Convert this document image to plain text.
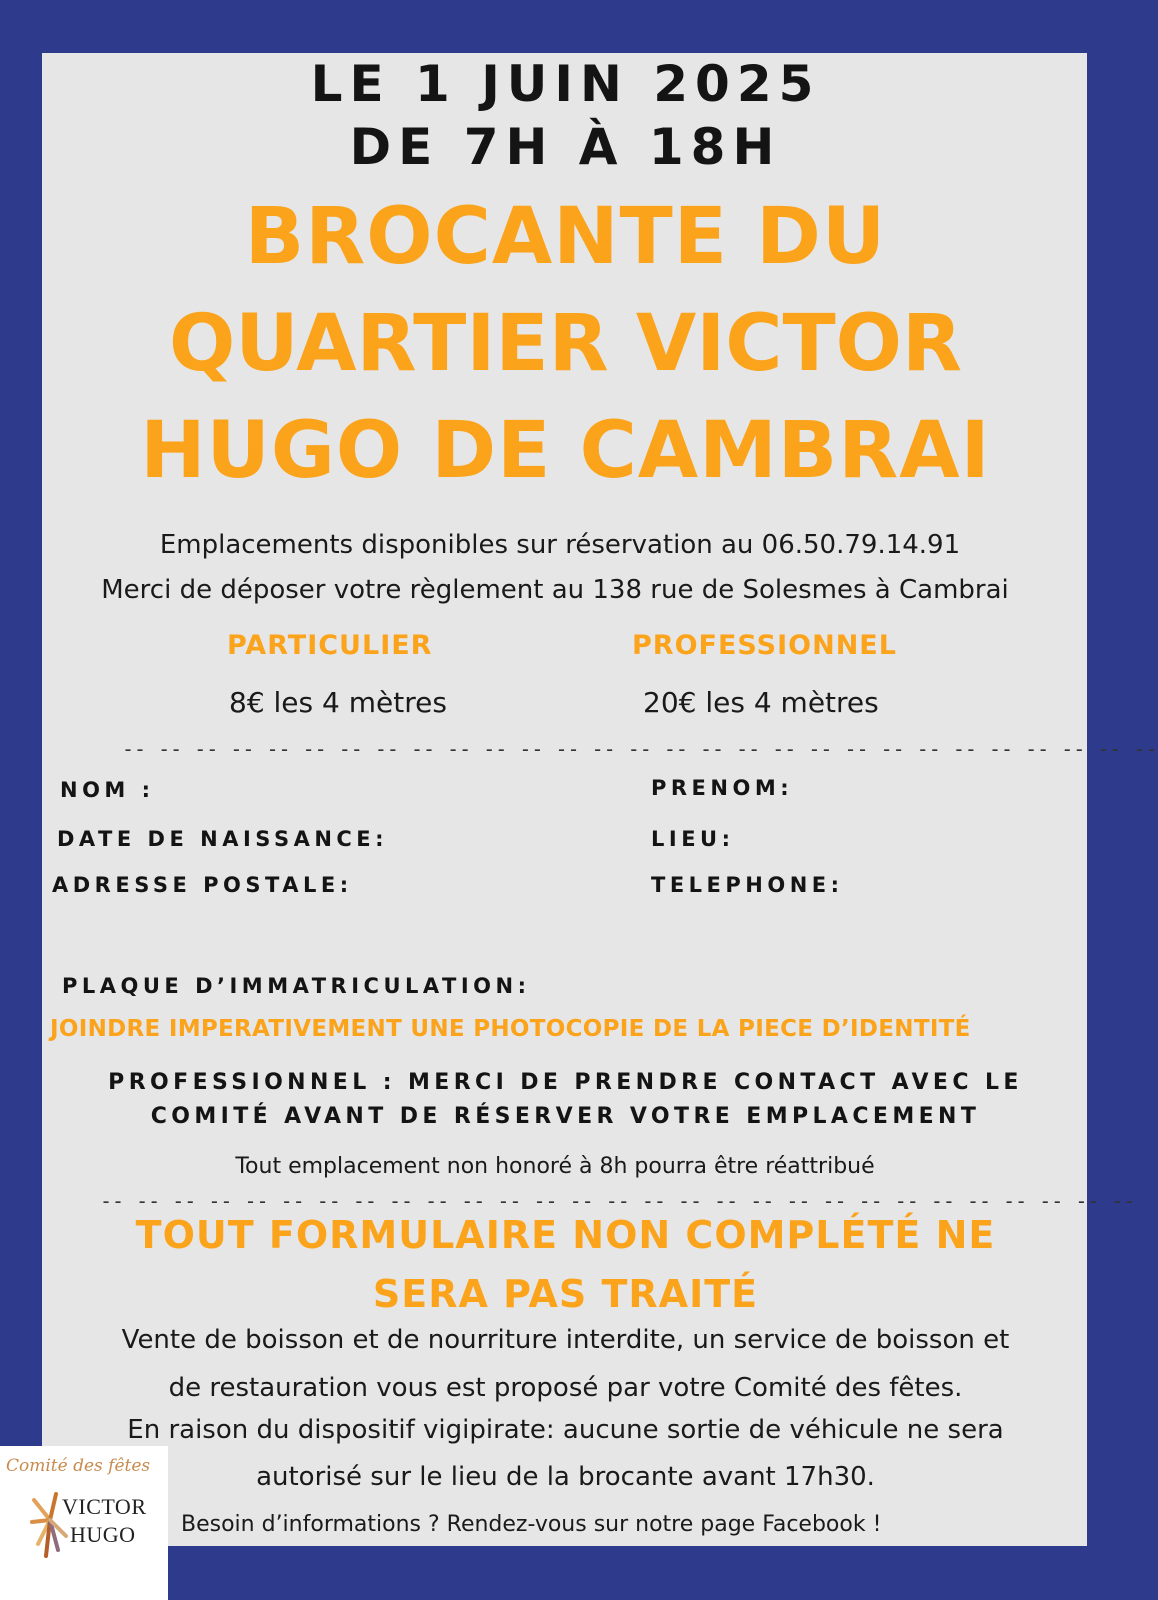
LE 1 JUIN 2025
DE 7H À 18H
BROCANTE DU
QUARTIER VICTOR
HUGO DE CAMBRAI
Emplacements disponibles sur réservation au 06.50.79.14.91
Merci de déposer votre règlement au 138 rue de Solesmes à Cambrai
PARTICULIER	PROFESSIONNEL
8€ les 4 mètres	20€ les 4 mètres
-- -- -- -- -- -- -- -- -- -- -- -- -- -- -- -- -- -- -- -- -- -- -- -- -- -- -- -- --
NOM :	PRENOM:
DATE DE NAISSANCE:	LIEU:
ADRESSE POSTALE:	TELEPHONE:
PLAQUE D’IMMATRICULATION:
JOINDRE IMPERATIVEMENT UNE PHOTOCOPIE DE LA PIECE D’IDENTITÉ
PROFESSIONNEL : MERCI DE PRENDRE CONTACT AVEC LE
COMITÉ AVANT DE RÉSERVER VOTRE EMPLACEMENT
Tout emplacement non honoré à 8h pourra être réattribué
-- -- -- -- -- -- -- -- -- -- -- -- -- -- -- -- -- -- -- -- -- -- -- -- -- -- -- -- --
TOUT FORMULAIRE NON COMPLÉTÉ NE
SERA PAS TRAITÉ
Vente de boisson et de nourriture interdite, un service de boisson et
de restauration vous est proposé par votre Comité des fêtes.
En raison du dispositif vigipirate: aucune sortie de véhicule ne sera
autorisé sur le lieu de la brocante avant 17h30.
Besoin d’informations ? Rendez-vous sur notre page Facebook !
Comité des fêtes
VICTOR
HUGO
